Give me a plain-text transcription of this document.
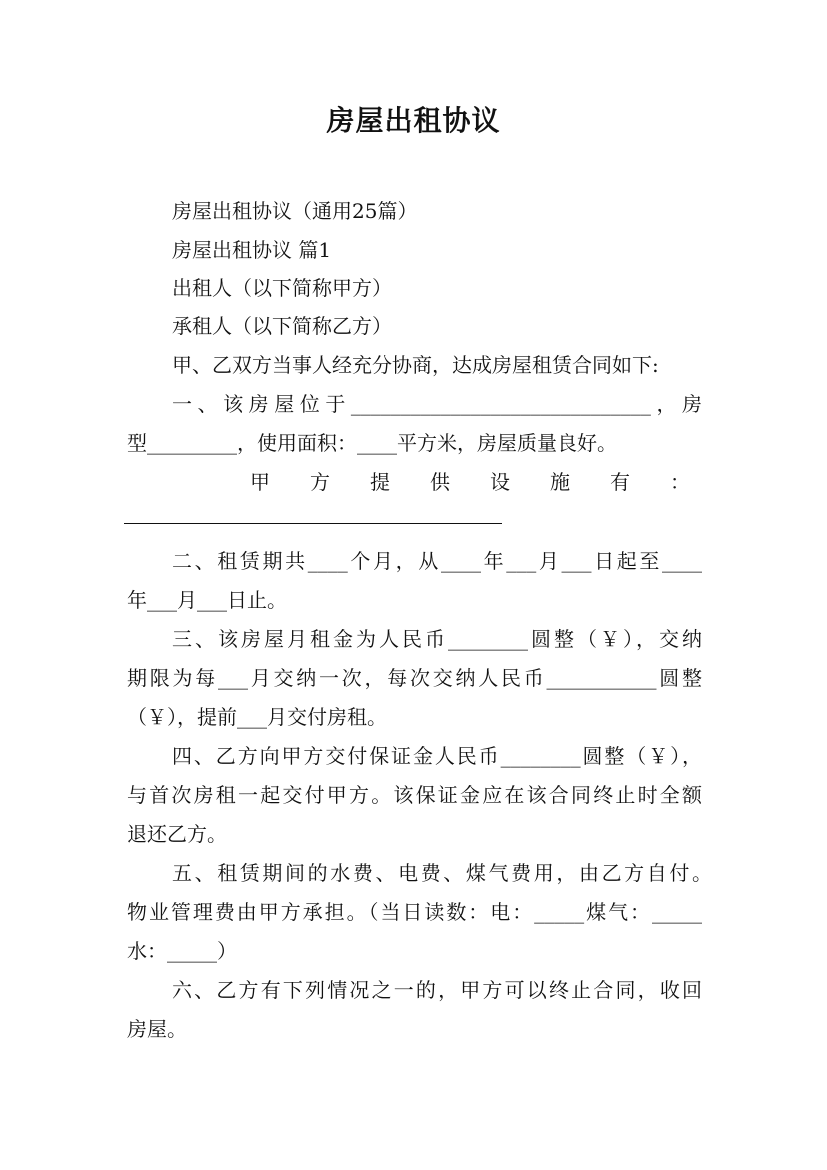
房屋出租协议
房屋出租协议（通用25篇）
房屋出租协议 篇1
出租人（以下简称甲方）
承租人（以下简称乙方）
甲、乙双方当事人经充分协商，达成房屋租赁合同如下:
一、该房屋位于______________________________，房
型_________，使用面积：____平方米，房屋质量良好。
甲 方 提 供 设 施 有 ：
二、租赁期共____个月，从____年___月___日起至____
年___月___日止。
三、该房屋月租金为人民币________圆整（￥），交纳
期限为每___月交纳一次，每次交纳人民币___________圆整
（￥），提前___月交付房租。
四、乙方向甲方交付保证金人民币________圆整（￥），
与首次房租一起交付甲方。该保证金应在该合同终止时全额
退还乙方。
五、租赁期间的水费、电费、煤气费用，由乙方自付。
物业管理费由甲方承担。（当日读数：电：_____煤气：_____
水：_____）
六、乙方有下列情况之一的，甲方可以终止合同，收回
房屋。
